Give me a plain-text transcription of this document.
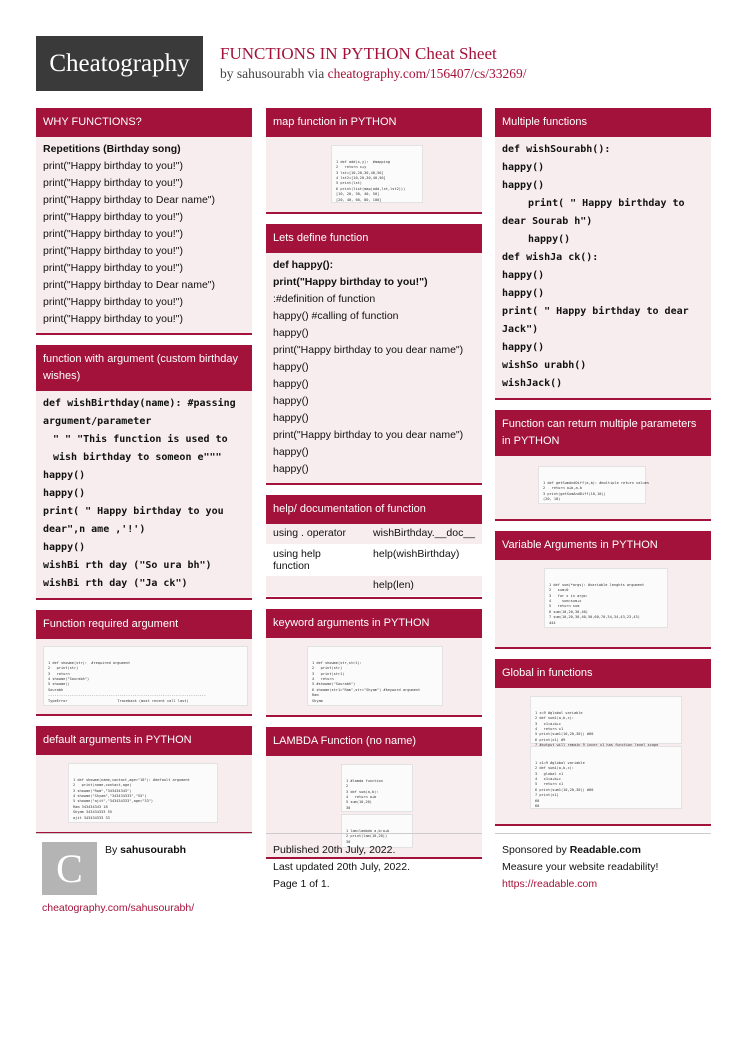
Cheatography	FUNCTIONS IN PYTHON Cheat Sheet
by sahusourabh via cheatography.com/156407/cs/33269/
WHY FUNCTIONS?
Repetitions (Birthday song)
print("Happy birthday to you!")
print("Happy birthday to you!")
print("Happy birthday to Dear name")
print("Happy birthday to you!")
print("Happy birthday to you!")
print("Happy birthday to you!")
print("Happy birthday to you!")
print("Happy birthday to Dear name")
print("Happy birthday to you!")
print("Happy birthday to you!")
function with argument (custom birthday wishes)
def wishBirthday(name): #passing argument/parameter
" " "This function is used to wish birthday to someon e"""
happy()
happy()
print( " Happy birthday to you dear",n ame ,'!')
happy()
wishBi rth day ("So ura bh")
wishBi rth day ("Ja ck")
Function required argument

1 def showme(str):  #required argument
2   print(str)
3   return
4 showme("Sourabh")
5 showme()
Sourabh
-------------------------------------------------------------------------
TypeError                       Traceback (most recent call last)

default arguments in PYTHON

1 def showme(name,contact,age="18"): #default argument
2   print(name,contact,age)
3 showme("Ram","343434343")
4 showme("Shyam","343434333","55")
5 showme("ajit","343434333",age="33")
Ram 343434343 18
Shyam 343434333 55
ajit 343434333 33

map function in PYTHON

1 def add(x,y):  #mapping
2   return x+y
3 lst=[10,20,30,40,50]
4 lst2=[10,20,30,40,50]
5 print(lst)
6 print(list(map(add,lst,lst2)))
[10, 20, 30, 40, 50]
[20, 40, 60, 80, 100]

Lets define function
def happy():
print("Happy birthday to you!")
:#definition of function
happy() #calling of function
happy()
print("Happy birthday to you dear name")
happy()
happy()
happy()
happy()
print("Happy birthday to you dear name")
happy()
happy()
help/ documentation of function
using . operator	wishBirthday.__doc__
using help function	help(wishBirthday)
	help(len)
keyword arguments in PYTHON

1 def showme(str,str1):
2   print(str)
3   print(str1)
4   return
5 #showme("Sourabh")
6 showme(str1="Ram",str="Shyam") #keyword argument
Ram
Shyam

LAMBDA Function (no name)

1 #lamda function
2
3 def sum(a,b):
4   return a+b
5 sum(10,20)
30

1 lam=lambda a,b:a+b
2 print(lam(10,20))
30

Multiple functions
def wishSourabh():
happy()
happy()
print( " Happy birthday to dear Sourab h")
happy()
def wishJa ck():
happy()
happy()
print( " Happy birthday to dear Jack")
happy()
wishSo urabh()
wishJack()
Function can return multiple parameters in PYTHON

1 def getSumAndDiff(a,b): #multiple return values
2   return a+b,a-b
3 print(getSumAndDiff(10,10))
(20, 10)

Variable Arguments in PYTHON

1 def sum(*args): #variable lenghts argument
2   sum=0
3   for x in args:
4     sum=sum+x
5   return sum
6 sum(10,20,30,40)
7 sum(10,20,30,40,50,60,70,34,34,43,23,43)
444

Global in functions

1 x=9 #global variable
2 def sum1(a,b,c):
3   x1=a+b+c
4   return x1
5 print(sum1(10,20,30)) #60
6 print(x1) #9
7 #output will remain 9 inner x1 has function level scope

1 x1=9 #global variable
2 def sum1(a,b,c):
3   global x1
4   x1=a+b+c
5   return x1
6 print(sum1(10,20,30)) #60
7 print(x1)
60
60

C	By sahusourabh
cheatography.com/sahusourabh/
Published 20th July, 2022.
Last updated 20th July, 2022.
Page 1 of 1.
Sponsored by Readable.com
Measure your website readability!
https://readable.com
